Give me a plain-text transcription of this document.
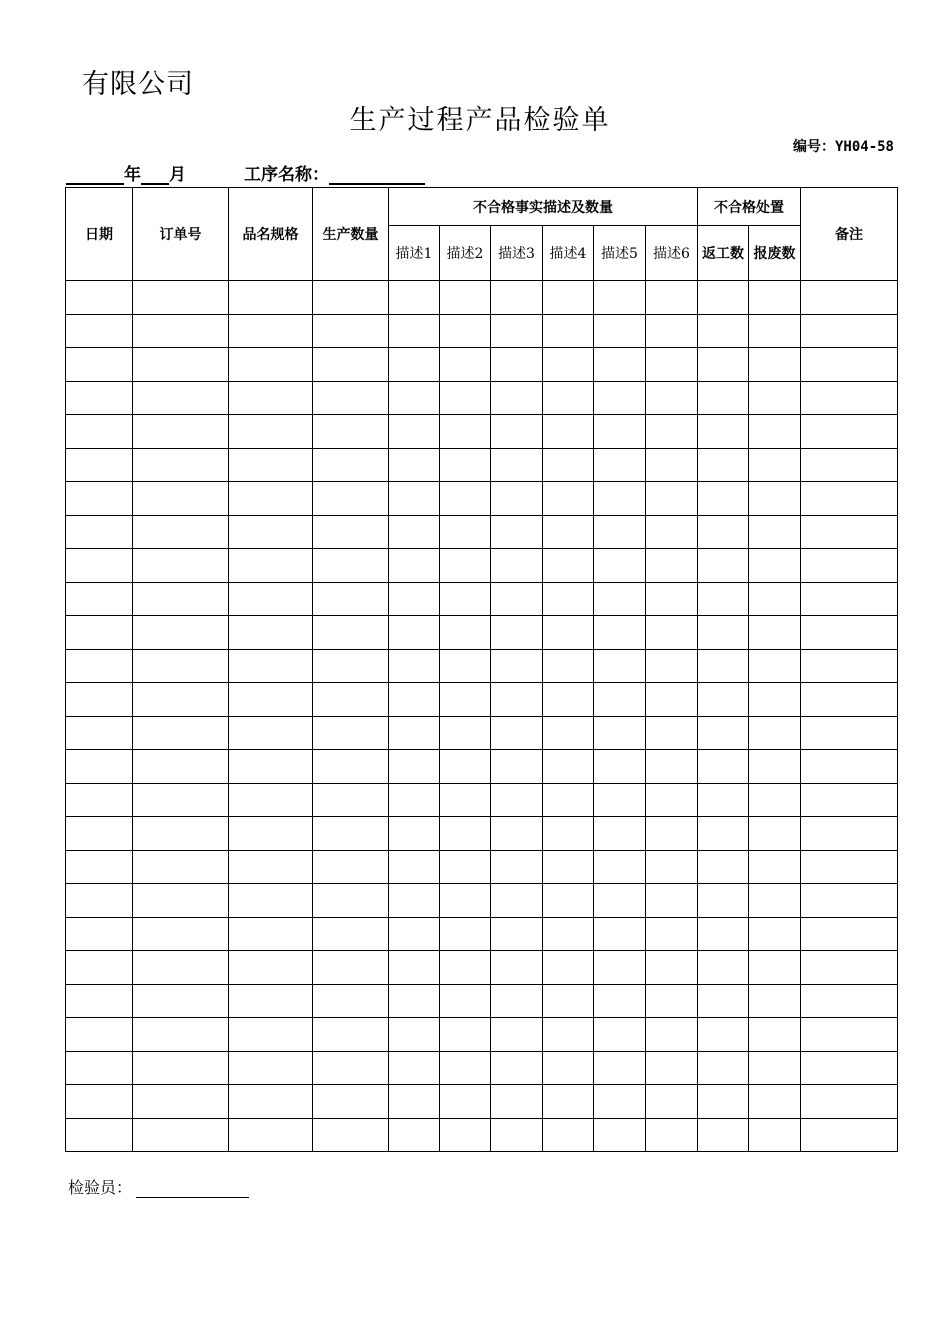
有限公司
生产过程产品检验单
编号：YH04-58
年 月	工序名称：
日期	订单号	品名规格	生产数量	不合格事实描述及数量						不合格处置		备注
				描述1	描述2	描述3	描述4	描述5	描述6	返工数	报废数	

检验员：
